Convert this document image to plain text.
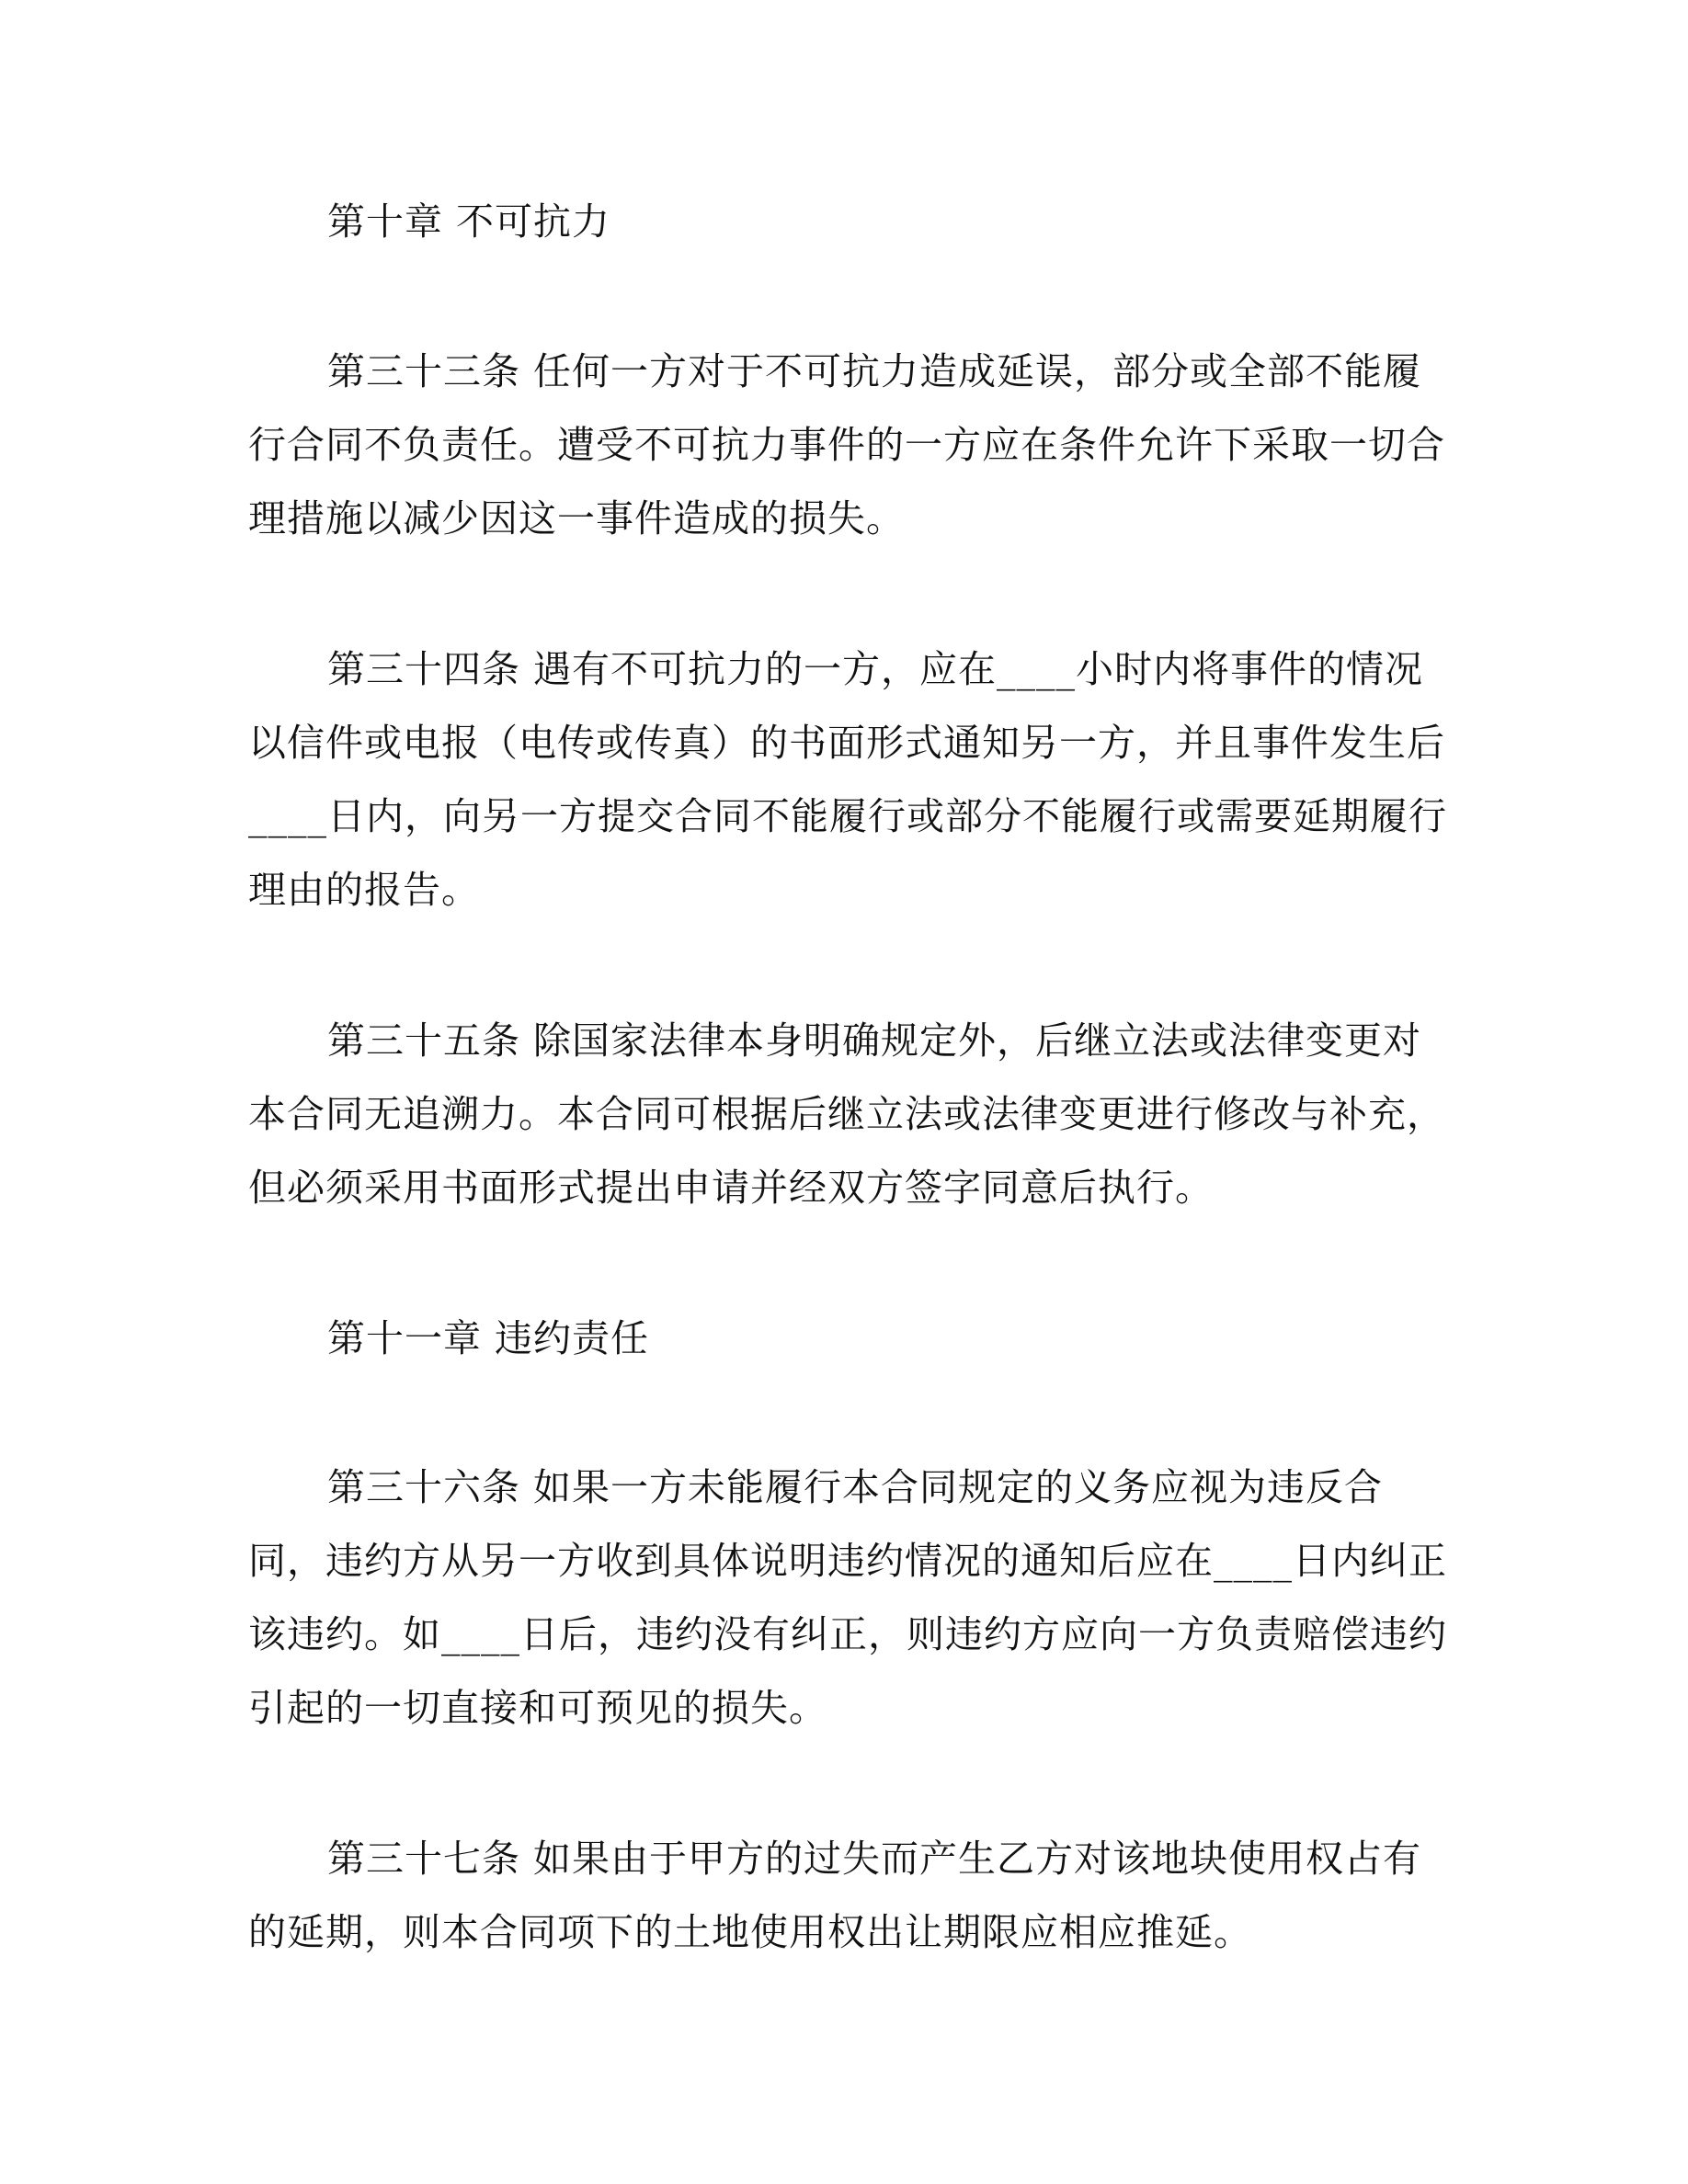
第十章 不可抗力
第三十三条 任何一方对于不可抗力造成延误，部分或全部不能履
行合同不负责任。遭受不可抗力事件的一方应在条件允许下采取一切合
理措施以减少因这一事件造成的损失。
第三十四条 遇有不可抗力的一方，应在____小时内将事件的情况
以信件或电报（电传或传真）的书面形式通知另一方，并且事件发生后
____日内，向另一方提交合同不能履行或部分不能履行或需要延期履行
理由的报告。
第三十五条 除国家法律本身明确规定外，后继立法或法律变更对
本合同无追溯力。本合同可根据后继立法或法律变更进行修改与补充，
但必须采用书面形式提出申请并经双方签字同意后执行。
第十一章 违约责任
第三十六条 如果一方未能履行本合同规定的义务应视为违反合
同，违约方从另一方收到具体说明违约情况的通知后应在____日内纠正
该违约。如____日后，违约没有纠正，则违约方应向一方负责赔偿违约
引起的一切直接和可预见的损失。
第三十七条 如果由于甲方的过失而产生乙方对该地块使用权占有
的延期，则本合同项下的土地使用权出让期限应相应推延。
